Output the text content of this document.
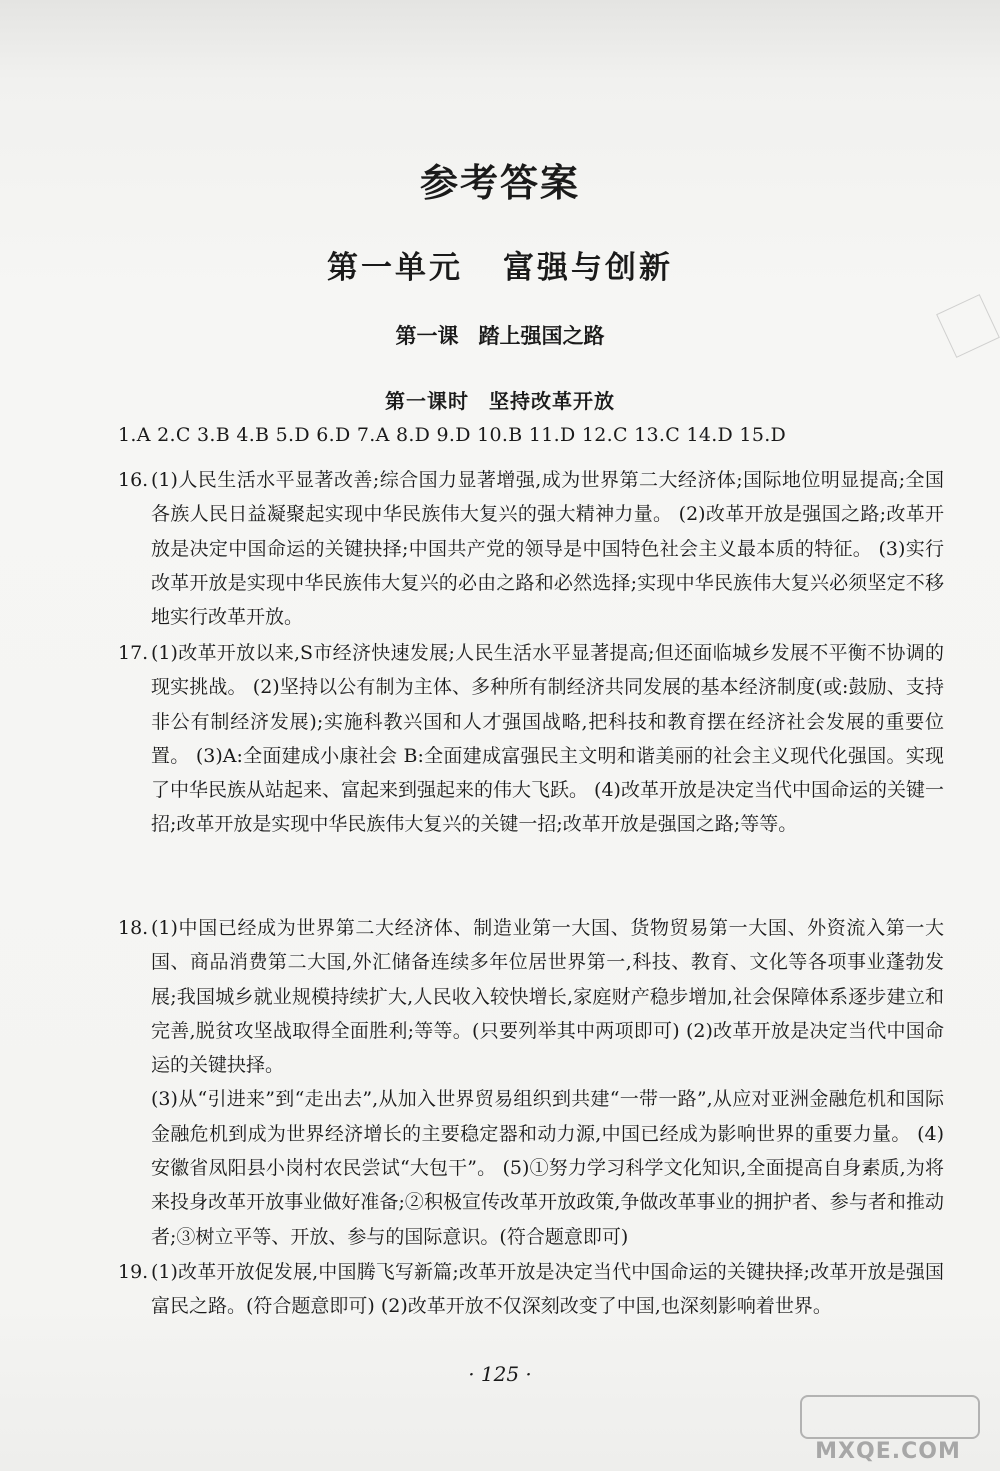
参考答案
第一单元 富强与创新
第一课 踏上强国之路
第一课时 坚持改革开放
1.A 2.C 3.B 4.B 5.D 6.D 7.A 8.D 9.D 10.B 11.D 12.C 13.C 14.D 15.D
16. (1)人民生活水平显著改善;综合国力显著增强,成为世界第二大经济体;国际地位明显提高;全国各族人民日益凝聚起实现中华民族伟大复兴的强大精神力量。 (2)改革开放是强国之路;改革开放是决定中国命运的关键抉择;中国共产党的领导是中国特色社会主义最本质的特征。 (3)实行改革开放是实现中华民族伟大复兴的必由之路和必然选择;实现中华民族伟大复兴必须坚定不移地实行改革开放。
17. (1)改革开放以来,S市经济快速发展;人民生活水平显著提高;但还面临城乡发展不平衡不协调的现实挑战。 (2)坚持以公有制为主体、多种所有制经济共同发展的基本经济制度(或:鼓励、支持非公有制经济发展);实施科教兴国和人才强国战略,把科技和教育摆在经济社会发展的重要位置。 (3)A:全面建成小康社会 B:全面建成富强民主文明和谐美丽的社会主义现代化强国。实现了中华民族从站起来、富起来到强起来的伟大飞跃。 (4)改革开放是决定当代中国命运的关键一招;改革开放是实现中华民族伟大复兴的关键一招;改革开放是强国之路;等等。
18. (1)中国已经成为世界第二大经济体、制造业第一大国、货物贸易第一大国、外资流入第一大国、商品消费第二大国,外汇储备连续多年位居世界第一,科技、教育、文化等各项事业蓬勃发展;我国城乡就业规模持续扩大,人民收入较快增长,家庭财产稳步增加,社会保障体系逐步建立和完善,脱贫攻坚战取得全面胜利;等等。(只要列举其中两项即可) (2)改革开放是决定当代中国命运的关键抉择。

(3)从“引进来”到“走出去”,从加入世界贸易组织到共建“一带一路”,从应对亚洲金融危机和国际金融危机到成为世界经济增长的主要稳定器和动力源,中国已经成为影响世界的重要力量。 (4)安徽省凤阳县小岗村农民尝试“大包干”。 (5)①努力学习科学文化知识,全面提高自身素质,为将来投身改革开放事业做好准备;②积极宣传改革开放政策,争做改革事业的拥护者、参与者和推动者;③树立平等、开放、参与的国际意识。(符合题意即可)

19. (1)改革开放促发展,中国腾飞写新篇;改革开放是决定当代中国命运的关键抉择;改革开放是强国富民之路。(符合题意即可) (2)改革开放不仅深刻改变了中国,也深刻影响着世界。
· 125 ·
MXQE.COM
